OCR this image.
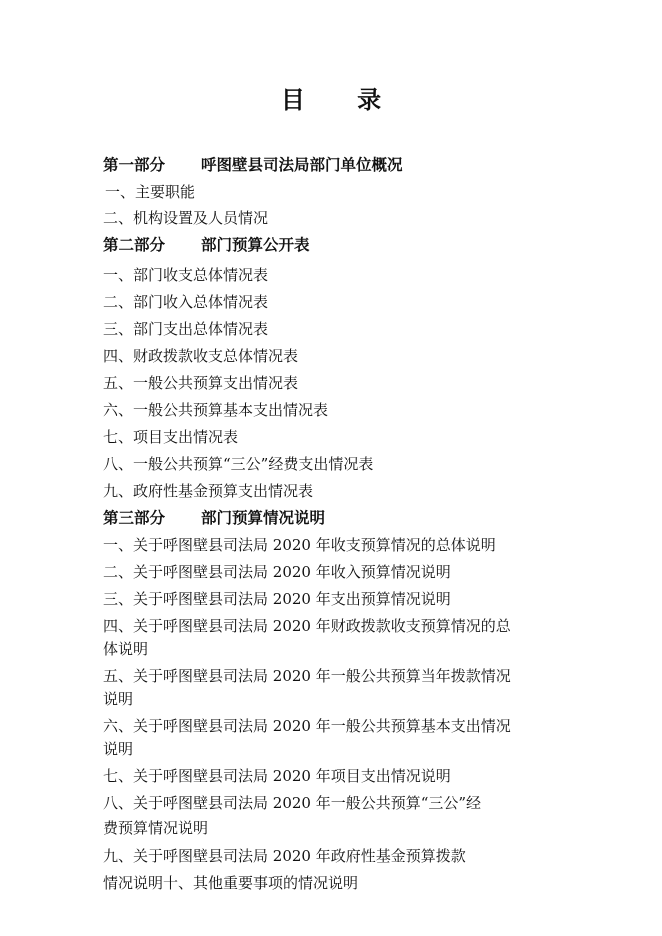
目 录
第一部分 呼图壁县司法局部门单位概况
一、主要职能
二、机构设置及人员情况
第二部分 部门预算公开表
一、部门收支总体情况表
二、部门收入总体情况表
三、部门支出总体情况表
四、财政拨款收支总体情况表
五、一般公共预算支出情况表
六、一般公共预算基本支出情况表
七、项目支出情况表
八、一般公共预算“三公”经费支出情况表
九、政府性基金预算支出情况表
第三部分 部门预算情况说明
一、关于呼图壁县司法局 2020 年收支预算情况的总体说明
二、关于呼图壁县司法局 2020 年收入预算情况说明
三、关于呼图壁县司法局 2020 年支出预算情况说明
四、关于呼图壁县司法局 2020 年财政拨款收支预算情况的总
体说明
五、关于呼图壁县司法局 2020 年一般公共预算当年拨款情况
说明
六、关于呼图壁县司法局 2020 年一般公共预算基本支出情况
说明
七、关于呼图壁县司法局 2020 年项目支出情况说明
八、关于呼图壁县司法局 2020 年一般公共预算“三公”经
费预算情况说明
九、关于呼图壁县司法局 2020 年政府性基金预算拨款
情况说明十、其他重要事项的情况说明
